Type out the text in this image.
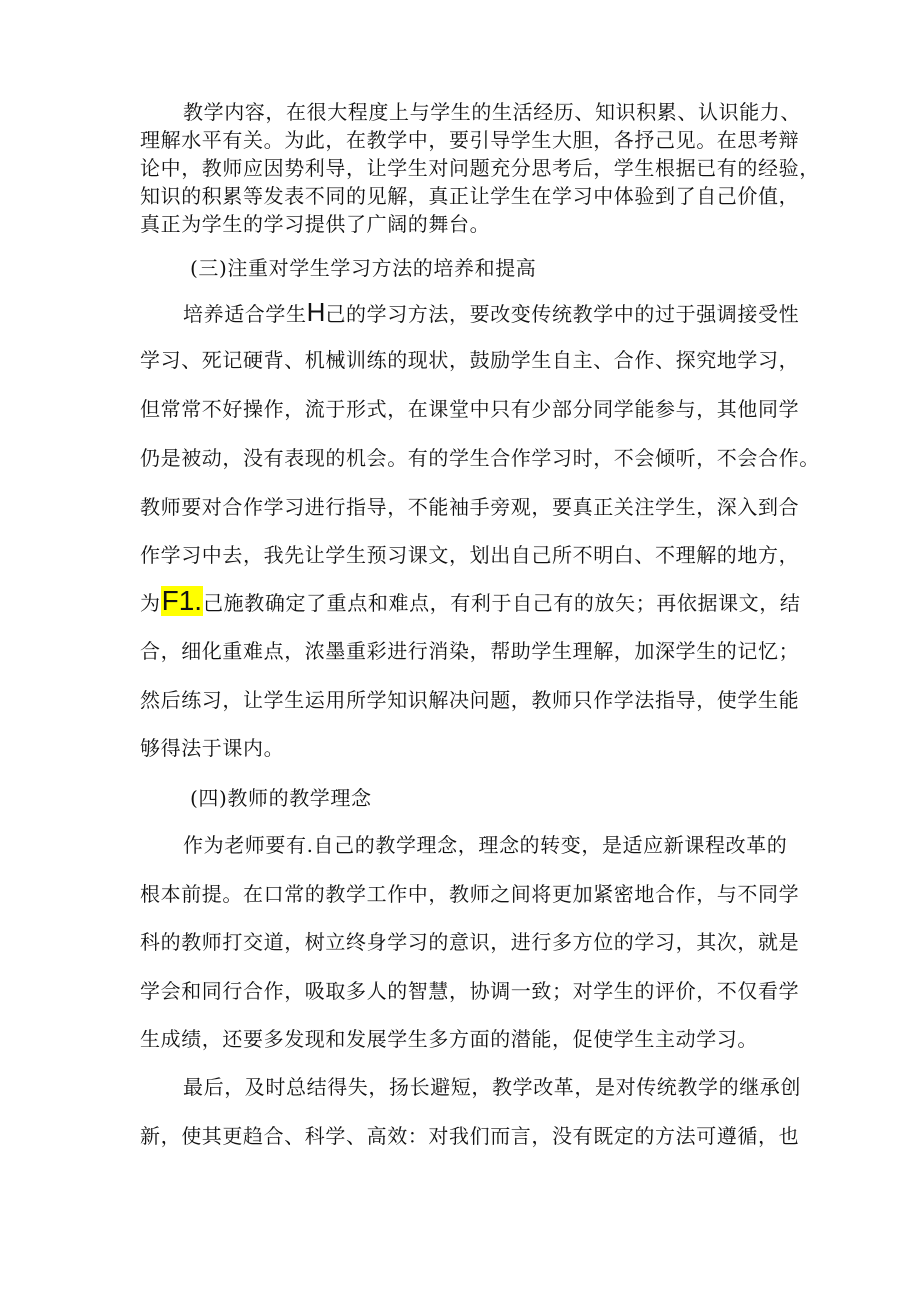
教学内容，在很大程度上与学生的生活经历、知识积累、认识能力、
理解水平有关。为此，在教学中，要引导学生大胆，各抒己见。在思考辩
论中，教师应因势利导，让学生对问题充分思考后，学生根据已有的经验，
知识的积累等发表不同的见解，真正让学生在学习中体验到了自己价值，
真正为学生的学习提供了广阔的舞台。
(三)注重对学生学习方法的培养和提高
培养适合学生H己的学习方法，要改变传统教学中的过于强调接受性
学习、死记硬背、机械训练的现状，鼓励学生自主、合作、探究地学习，
但常常不好操作，流于形式，在课堂中只有少部分同学能参与，其他同学
仍是被动，没有表现的机会。有的学生合作学习时，不会倾听，不会合作。
教师要对合作学习进行指导，不能袖手旁观，要真正关注学生，深入到合
作学习中去，我先让学生预习课文，划出自己所不明白、不理解的地方，
为F1.己施教确定了重点和难点，有利于自己有的放矢；再依据课文，结
合，细化重难点，浓墨重彩进行消染，帮助学生理解，加深学生的记忆；
然后练习，让学生运用所学知识解决问题，教师只作学法指导，使学生能
够得法于课内。
(四)教师的教学理念
作为老师要有.自己的教学理念，理念的转变，是适应新课程改革的
根本前提。在口常的教学工作中，教师之间将更加紧密地合作，与不同学
科的教师打交道，树立终身学习的意识，进行多方位的学习，其次，就是
学会和同行合作，吸取多人的智慧，协调一致；对学生的评价，不仅看学
生成绩，还要多发现和发展学生多方面的潜能，促使学生主动学习。
最后，及时总结得失，扬长避短，教学改革，是对传统教学的继承创
新，使其更趋合、科学、高效：对我们而言，没有既定的方法可遵循，也
